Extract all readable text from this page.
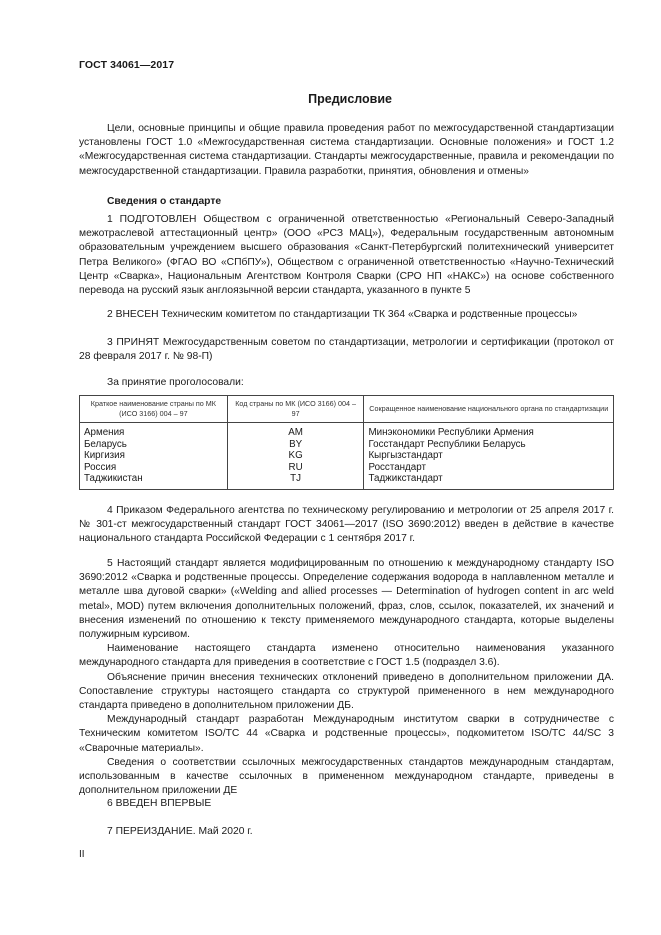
ГОСТ 34061—2017
Предисловие

Цели, основные принципы и общие правила проведения работ по межгосударственной стандартизации установлены ГОСТ 1.0 «Межгосударственная система стандартизации. Основные положения» и ГОСТ 1.2 «Межгосударственная система стандартизации. Стандарты межгосударственные, правила и рекомендации по межгосударственной стандартизации. Правила разработки, принятия, обновления и отмены»

Сведения о стандарте

1 ПОДГОТОВЛЕН Обществом с ограниченной ответственностью «Региональный Северо-Западный межотраслевой аттестационный центр» (ООО «РСЗ МАЦ»), Федеральным государственным автономным образовательным учреждением высшего образования «Санкт-Петербургский политехнический университет Петра Великого» (ФГАО ВО «СПбПУ»), Обществом с ограниченной ответственностью «Научно-Технический Центр «Сварка», Национальным Агентством Контроля Сварки (СРО НП «НАКС») на основе собственного перевода на русский язык англоязычной версии стандарта, указанного в пункте 5

2 ВНЕСЕН Техническим комитетом по стандартизации ТК 364 «Сварка и родственные процессы»

3 ПРИНЯТ Межгосударственным советом по стандартизации, метрологии и сертификации (протокол от 28 февраля 2017 г. № 98-П)

За принятие проголосовали:

Краткое наименование страны по МК (ИСО 3166) 004 – 97	Код страны по МК (ИСО 3166) 004 – 97	Сокращенное наименование национального органа по стандартизации
Армения	AM	Минэкономики Республики Армения
Беларусь	BY	Госстандарт Республики Беларусь
Киргизия	KG	Кыргызстандарт
Россия	RU	Росстандарт
Таджикистан	TJ	Таджикстандарт

4 Приказом Федерального агентства по техническому регулированию и метрологии от 25 апреля 2017 г. № 301-ст межгосударственный стандарт ГОСТ 34061—2017 (ISO 3690:2012) введен в действие в качестве национального стандарта Российской Федерации с 1 сентября 2017 г.

5 Настоящий стандарт является модифицированным по отношению к международному стандарту ISO 3690:2012 «Сварка и родственные процессы. Определение содержания водорода в наплавленном металле и металле шва дуговой сварки» («Welding and allied processes — Determination of hydrogen content in arc weld metal», MOD) путем включения дополнительных положений, фраз, слов, ссылок, показателей, их значений и внесения изменений по отношению к тексту применяемого международного стандарта, которые выделены полужирным курсивом.

Наименование настоящего стандарта изменено относительно наименования указанного международного стандарта для приведения в соответствие с ГОСТ 1.5 (подраздел 3.6).

Объяснение причин внесения технических отклонений приведено в дополнительном приложении ДА. Сопоставление структуры настоящего стандарта со структурой примененного в нем международного стандарта приведено в дополнительном приложении ДБ.

Международный стандарт разработан Международным институтом сварки в сотрудничестве с Техническим комитетом ISO/TC 44 «Сварка и родственные процессы», подкомитетом ISO/TC 44/SC 3 «Сварочные материалы».

Сведения о соответствии ссылочных межгосударственных стандартов международным стандартам, использованным в качестве ссылочных в примененном международном стандарте, приведены в дополнительном приложении ДЕ

6 ВВЕДЕН ВПЕРВЫЕ

7 ПЕРЕИЗДАНИЕ. Май 2020 г.

II
